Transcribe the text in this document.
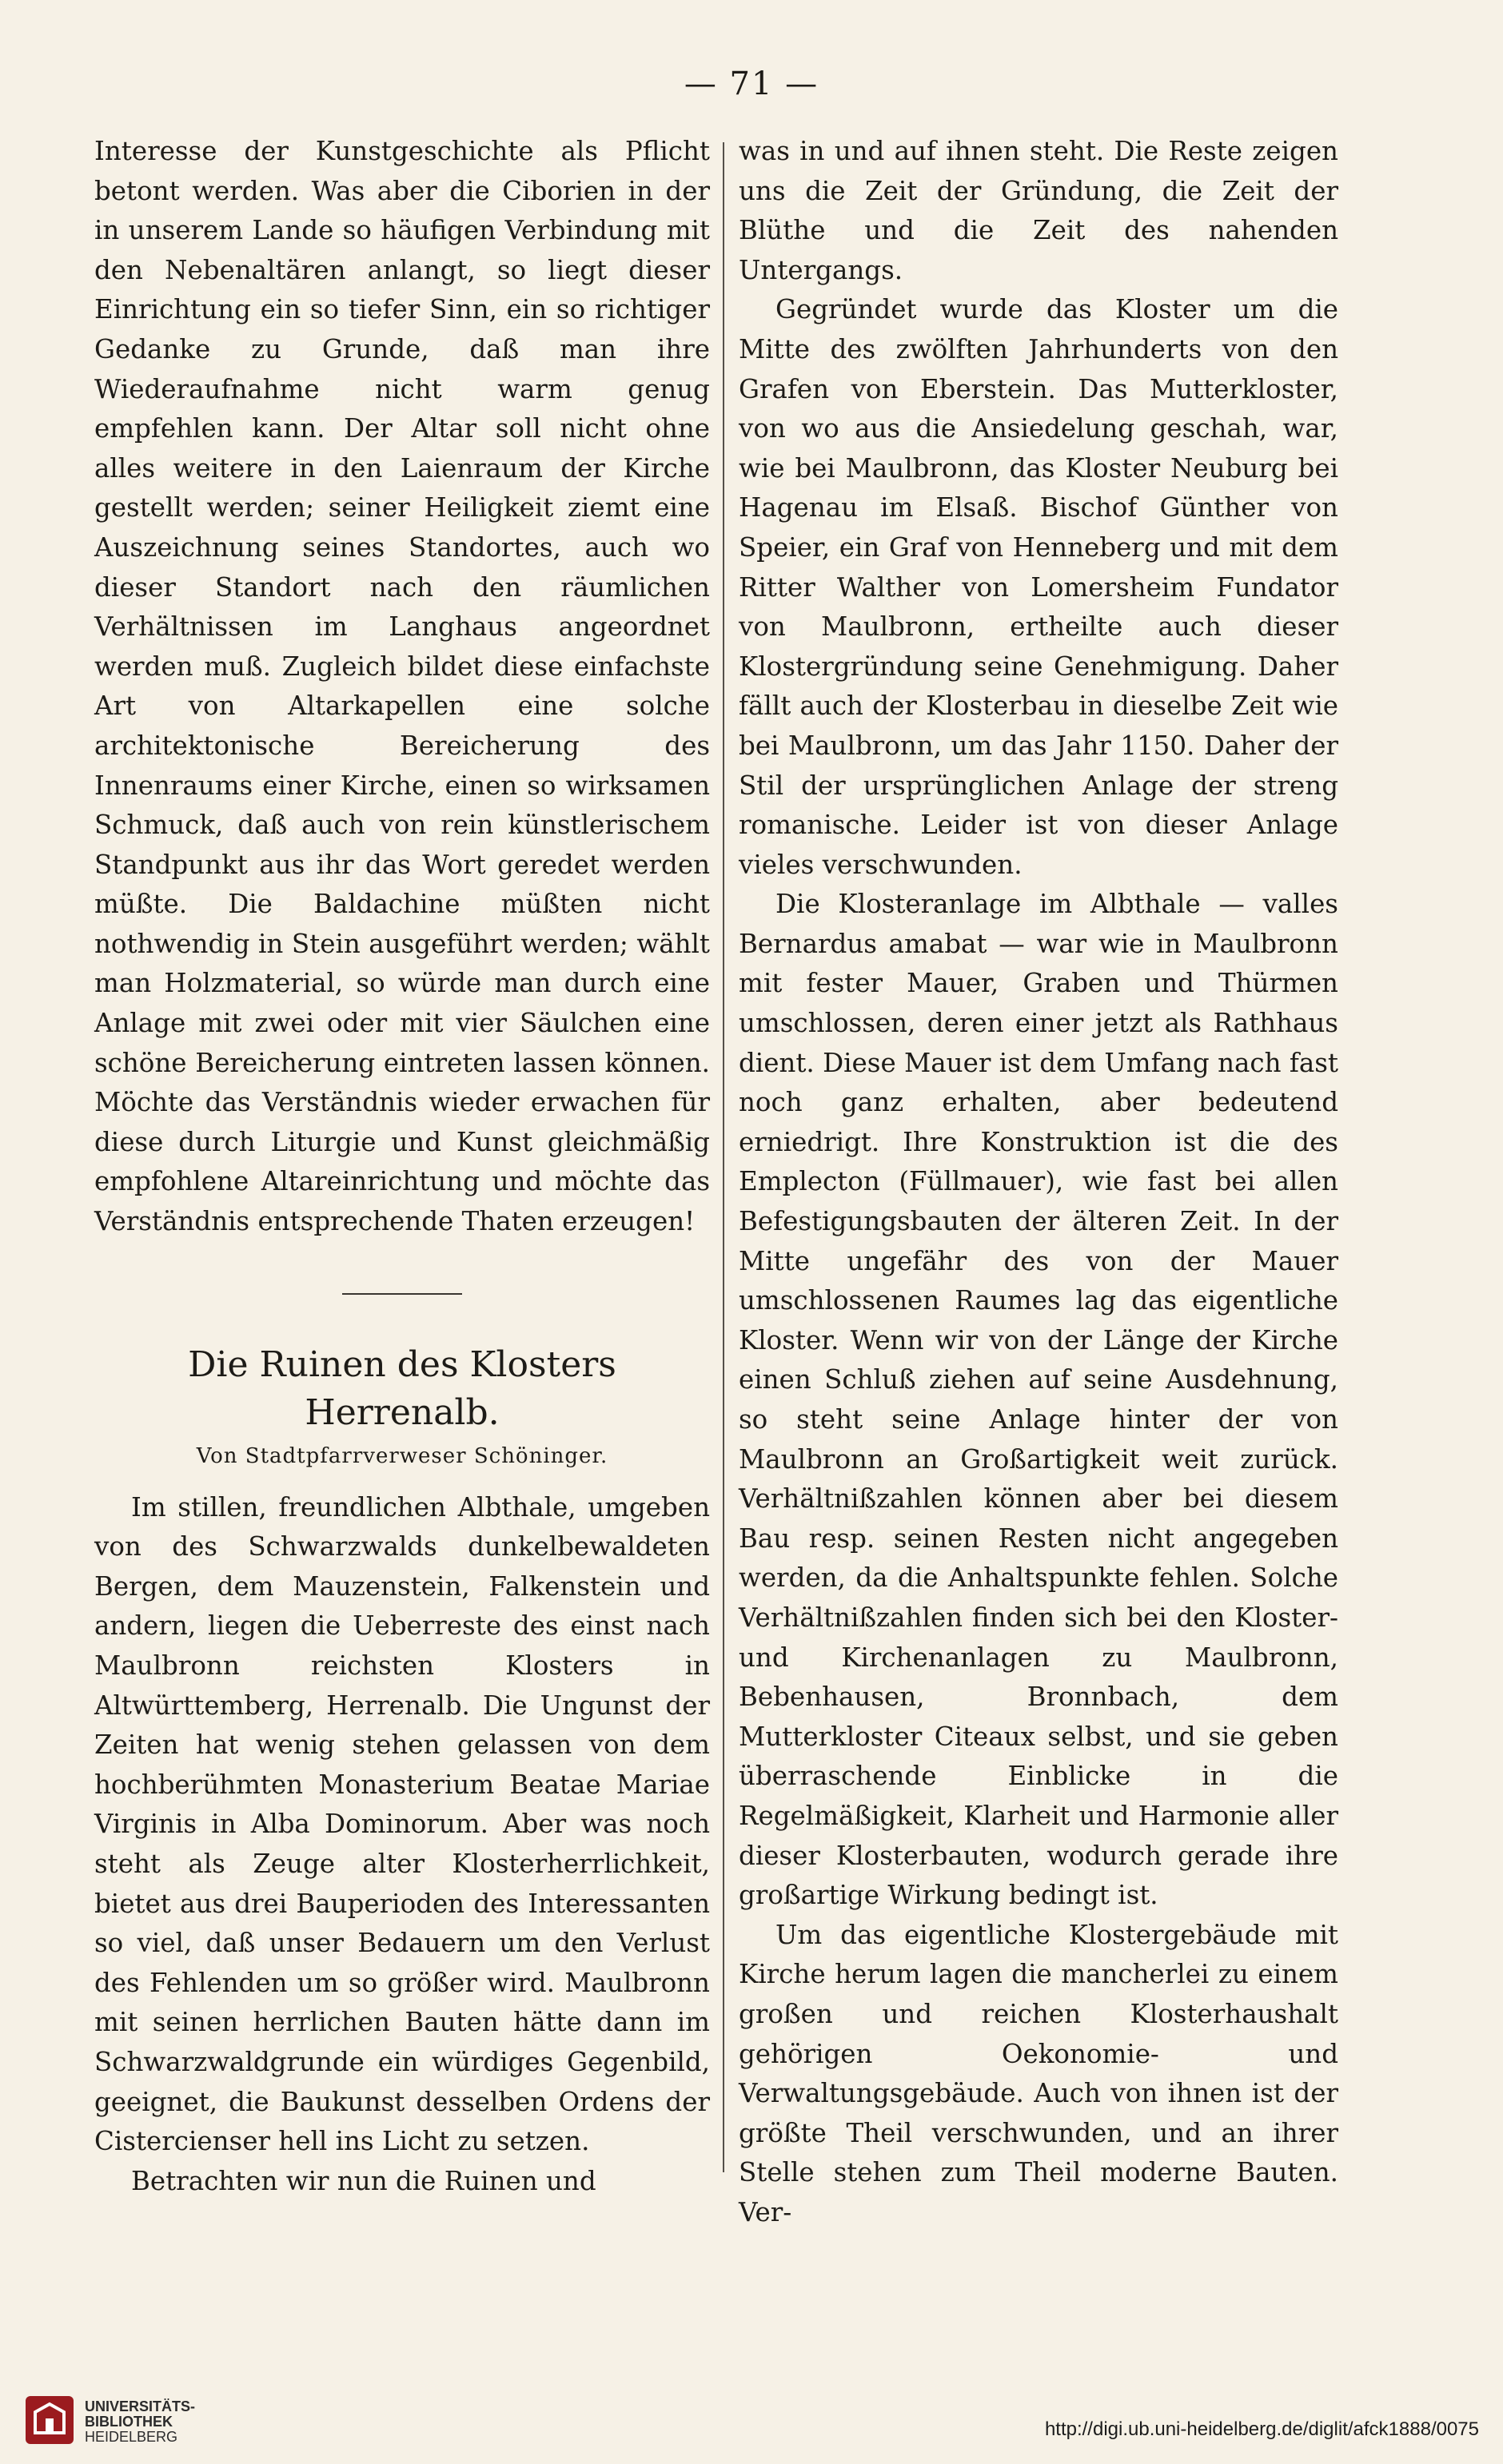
— 71 —

Interesse der Kunstgeschichte als Pflicht betont werden. Was aber die Ciborien in der in unserem Lande so häufigen Verbindung mit den Nebenaltären anlangt, so liegt dieser Einrichtung ein so tiefer Sinn, ein so richtiger Gedanke zu Grunde, daß man ihre Wiederaufnahme nicht warm genug empfehlen kann. Der Altar soll nicht ohne alles weitere in den Laienraum der Kirche gestellt werden; seiner Heiligkeit ziemt eine Auszeichnung seines Standortes, auch wo dieser Standort nach den räumlichen Verhältnissen im Langhaus angeordnet werden muß. Zugleich bildet diese einfachste Art von Altarkapellen eine solche architektonische Bereicherung des Innenraums einer Kirche, einen so wirksamen Schmuck, daß auch von rein künstlerischem Standpunkt aus ihr das Wort geredet werden müßte. Die Baldachine müßten nicht nothwendig in Stein ausgeführt werden; wählt man Holzmaterial, so würde man durch eine Anlage mit zwei oder mit vier Säulchen eine schöne Bereicherung eintreten lassen können. Möchte das Verständnis wieder erwachen für diese durch Liturgie und Kunst gleichmäßig empfohlene Altareinrichtung und möchte das Verständnis entsprechende Thaten erzeugen!

Die Ruinen des Klosters Herrenalb.
Von Stadtpfarrverweser Schöninger.

Im stillen, freundlichen Albthale, umgeben von des Schwarzwalds dunkelbewaldeten Bergen, dem Mauzenstein, Falkenstein und andern, liegen die Ueberreste des einst nach Maulbronn reichsten Klosters in Altwürttemberg, Herrenalb. Die Ungunst der Zeiten hat wenig stehen gelassen von dem hochberühmten Monasterium Beatae Mariae Virginis in Alba Dominorum. Aber was noch steht als Zeuge alter Klosterherrlichkeit, bietet aus drei Bauperioden des Interessanten so viel, daß unser Bedauern um den Verlust des Fehlenden um so größer wird. Maulbronn mit seinen herrlichen Bauten hätte dann im Schwarzwaldgrunde ein würdiges Gegenbild, geeignet, die Baukunst desselben Ordens der Cistercienser hell ins Licht zu setzen.

Betrachten wir nun die Ruinen und

was in und auf ihnen steht. Die Reste zeigen uns die Zeit der Gründung, die Zeit der Blüthe und die Zeit des nahenden Untergangs.

Gegründet wurde das Kloster um die Mitte des zwölften Jahrhunderts von den Grafen von Eberstein. Das Mutterkloster, von wo aus die Ansiedelung geschah, war, wie bei Maulbronn, das Kloster Neuburg bei Hagenau im Elsaß. Bischof Günther von Speier, ein Graf von Henneberg und mit dem Ritter Walther von Lomersheim Fundator von Maulbronn, ertheilte auch dieser Klostergründung seine Genehmigung. Daher fällt auch der Klosterbau in dieselbe Zeit wie bei Maulbronn, um das Jahr 1150. Daher der Stil der ursprünglichen Anlage der streng romanische. Leider ist von dieser Anlage vieles verschwunden.

Die Klosteranlage im Albthale — valles Bernardus amabat — war wie in Maulbronn mit fester Mauer, Graben und Thürmen umschlossen, deren einer jetzt als Rathhaus dient. Diese Mauer ist dem Umfang nach fast noch ganz erhalten, aber bedeutend erniedrigt. Ihre Konstruktion ist die des Emplecton (Füllmauer), wie fast bei allen Befestigungsbauten der älteren Zeit. In der Mitte ungefähr des von der Mauer umschlossenen Raumes lag das eigentliche Kloster. Wenn wir von der Länge der Kirche einen Schluß ziehen auf seine Ausdehnung, so steht seine Anlage hinter der von Maulbronn an Großartigkeit weit zurück. Verhältnißzahlen können aber bei diesem Bau resp. seinen Resten nicht angegeben werden, da die Anhaltspunkte fehlen. Solche Verhältnißzahlen finden sich bei den Kloster- und Kirchenanlagen zu Maulbronn, Bebenhausen, Bronnbach, dem Mutterkloster Citeaux selbst, und sie geben überraschende Einblicke in die Regelmäßigkeit, Klarheit und Harmonie aller dieser Klosterbauten, wodurch gerade ihre großartige Wirkung bedingt ist.

Um das eigentliche Klostergebäude mit Kirche herum lagen die mancherlei zu einem großen und reichen Klosterhaushalt gehörigen Oekonomie- und Verwaltungsgebäude. Auch von ihnen ist der größte Theil verschwunden, und an ihrer Stelle stehen zum Theil moderne Bauten. Ver-

UNIVERSITÄTS-
BIBLIOTHEK
HEIDELBERG	http://digi.ub.uni-heidelberg.de/diglit/afck1888/0075
